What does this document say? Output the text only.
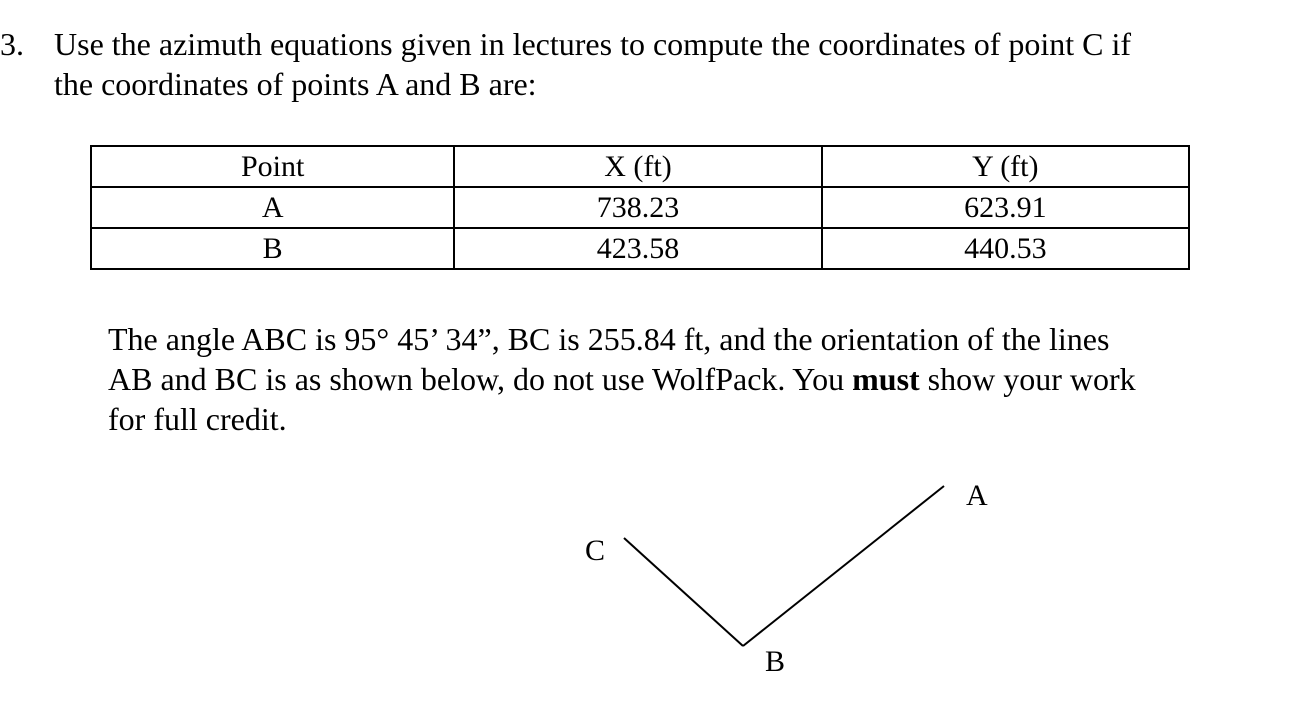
3. Use the azimuth equations given in lectures to compute the coordinates of point C if
the coordinates of points A and B are:
Point	X (ft)	Y (ft)
A	738.23	623.91
B	423.58	440.53
The angle ABC is 95° 45’ 34”, BC is 255.84 ft, and the orientation of the lines
AB and BC is as shown below, do not use WolfPack. You must show your work
for full credit.
A
C
B
